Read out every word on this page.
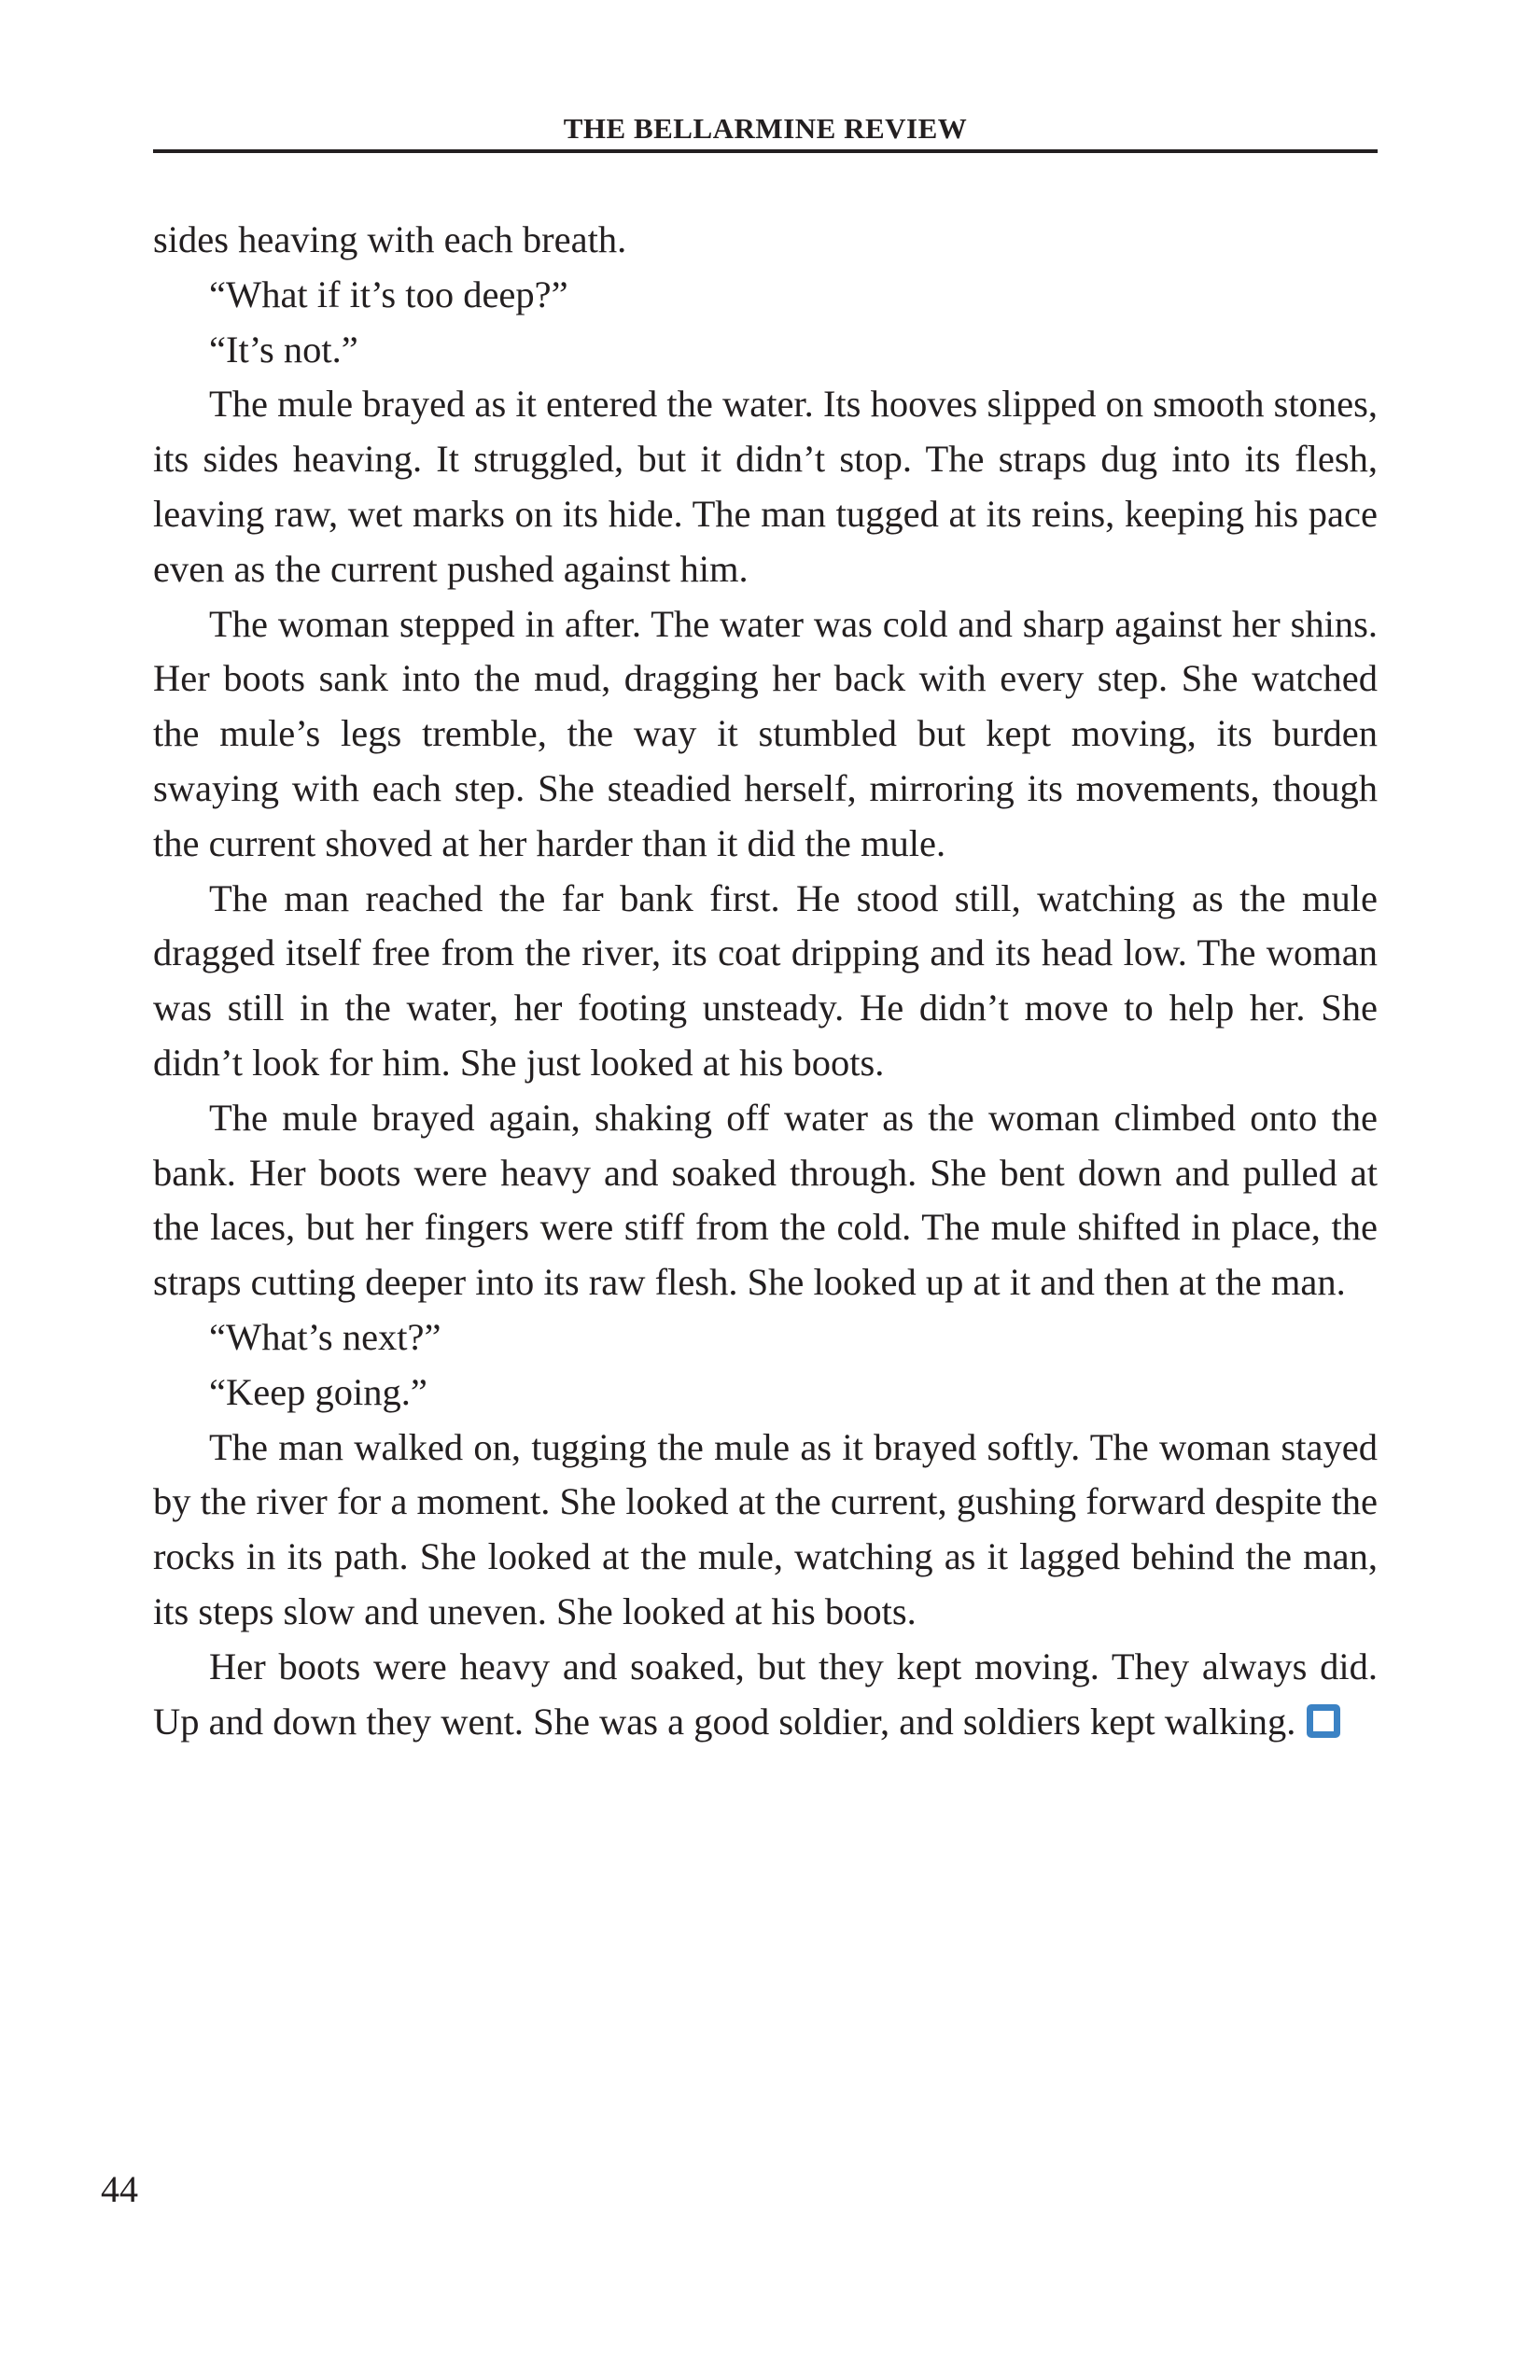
THE BELLARMINE REVIEW

sides heaving with each breath.

“What if it’s too deep?”

“It’s not.”

The mule brayed as it entered the water. Its hooves slipped on smooth stones, its sides heaving. It struggled, but it didn’t stop. The straps dug into its flesh, leaving raw, wet marks on its hide. The man tugged at its reins, keeping his pace even as the current pushed against him.

The woman stepped in after. The water was cold and sharp against her shins. Her boots sank into the mud, dragging her back with every step. She watched the mule’s legs tremble, the way it stumbled but kept moving, its burden swaying with each step. She steadied herself, mirroring its movements, though the current shoved at her harder than it did the mule.

The man reached the far bank first. He stood still, watching as the mule dragged itself free from the river, its coat dripping and its head low. The woman was still in the water, her footing unsteady. He didn’t move to help her. She didn’t look for him. She just looked at his boots.

The mule brayed again, shaking off water as the woman climbed onto the bank. Her boots were heavy and soaked through. She bent down and pulled at the laces, but her fingers were stiff from the cold. The mule shifted in place, the straps cutting deeper into its raw flesh. She looked up at it and then at the man.

“What’s next?”

“Keep going.”

The man walked on, tugging the mule as it brayed softly. The woman stayed by the river for a moment. She looked at the current, gushing forward despite the rocks in its path. She looked at the mule, watching as it lagged behind the man, its steps slow and uneven. She looked at his boots.

Her boots were heavy and soaked, but they kept moving. They always did. Up and down they went. She was a good soldier, and soldiers kept walking.

44
